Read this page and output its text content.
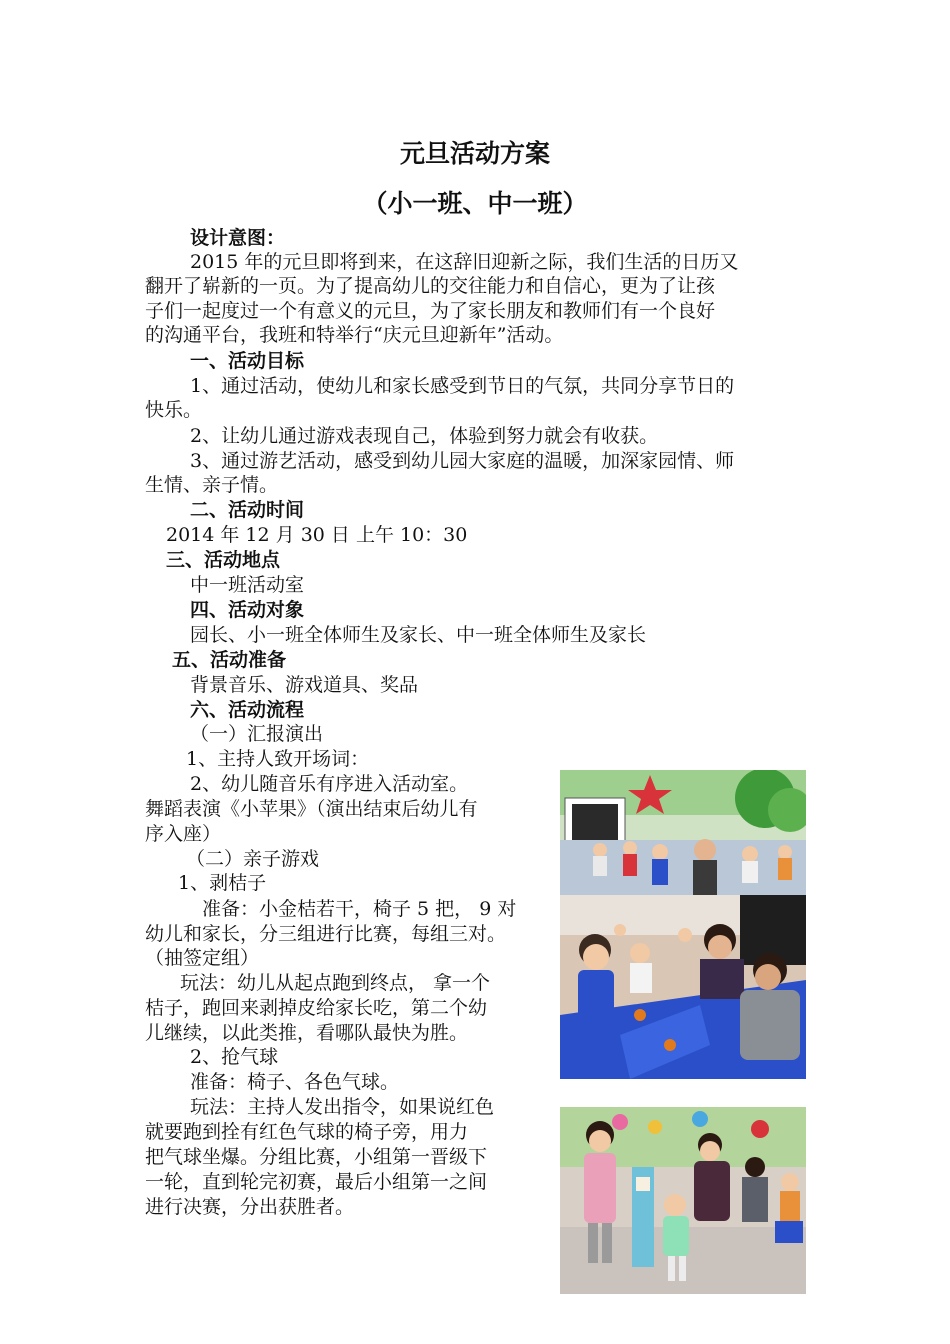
元旦活动方案
（小一班、中一班）
设计意图：
2015 年的元旦即将到来，在这辞旧迎新之际，我们生活的日历又
翻开了崭新的一页。为了提高幼儿的交往能力和自信心，更为了让孩
子们一起度过一个有意义的元旦，为了家长朋友和教师们有一个良好
的沟通平台，我班和特举行“庆元旦迎新年”活动。
一、活动目标
1、通过活动，使幼儿和家长感受到节日的气氛，共同分享节日的
快乐。
2、让幼儿通过游戏表现自己，体验到努力就会有收获。
3、通过游艺活动，感受到幼儿园大家庭的温暖，加深家园情、师
生情、亲子情。
二、活动时间
2014 年 12 月 30 日 上午 10：30
三、活动地点
中一班活动室
四、活动对象
园长、小一班全体师生及家长、中一班全体师生及家长
五、活动准备
背景音乐、游戏道具、奖品
六、活动流程
（一）汇报演出
1、主持人致开场词：
2、幼儿随音乐有序进入活动室。
舞蹈表演《小苹果》（演出结束后幼儿有
序入座）
（二）亲子游戏
1、剥桔子
准备：小金桔若干，椅子 5 把， 9 对
幼儿和家长，分三组进行比赛，每组三对。
（抽签定组）
玩法：幼儿从起点跑到终点， 拿一个
桔子，跑回来剥掉皮给家长吃，第二个幼
儿继续，以此类推，看哪队最快为胜。
2、抢气球
准备：椅子、各色气球。
玩法：主持人发出指令，如果说红色
就要跑到拴有红色气球的椅子旁，用力
把气球坐爆。分组比赛，小组第一晋级下
一轮，直到轮完初赛，最后小组第一之间
进行决赛，分出获胜者。
